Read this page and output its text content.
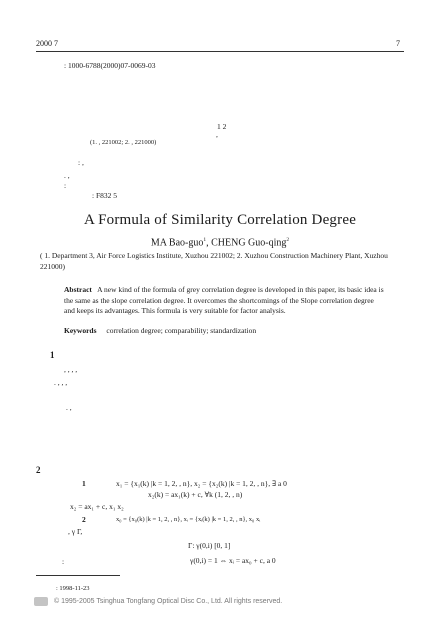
​
2000 7	7
: 1000-6788(2000)07-0069-03
1 2
,
(1. , 221002; 2. , 221000)
: ,
. ,
:
: F832 5
A Formula of Similarity Correlation Degree
MA Bao-guo$^1$, CHENG Guo-qing$^2$
( 1. Department 3, Air Force Logistics Institute, Xuzhou 221002; 2. Xuzhou Construction Machinery Plant, Xuzhou 221000)
Abstract A new kind of the formula of grey correlation degree is developed in this paper, its basic idea is the same as the slope correlation degree. It overcomes the shortcomings of the Slope correlation degree and keeps its advantages. This formula is very suitable for factor analysis.
Keywords correlation degree; comparability; standardization
1
, , , ,
. , , ,
. ,
2
1	x₁ = {x₁(k) |k = 1, 2, , n}, x₂ = {x₂(k) |k = 1, 2, , n}, ∃ a 0
x₂(k) = ax₁(k) + c, ∀k (1, 2, , n)
x₂ = ax₁ + c, x₁ x₂
2	x₀ = {x₀(k) |k = 1, 2, , n}, xᵢ = {xᵢ(k) |k = 1, 2, , n}, x₀ xᵢ
, γ Γ,
Γ: γ(0,i) [0, 1]
:	γ(0,i) = 1 ⇔ xᵢ = ax₀ + c, a 0
: 1998-11-23
© 1995-2005 Tsinghua Tongfang Optical Disc Co., Ltd. All rights reserved.
